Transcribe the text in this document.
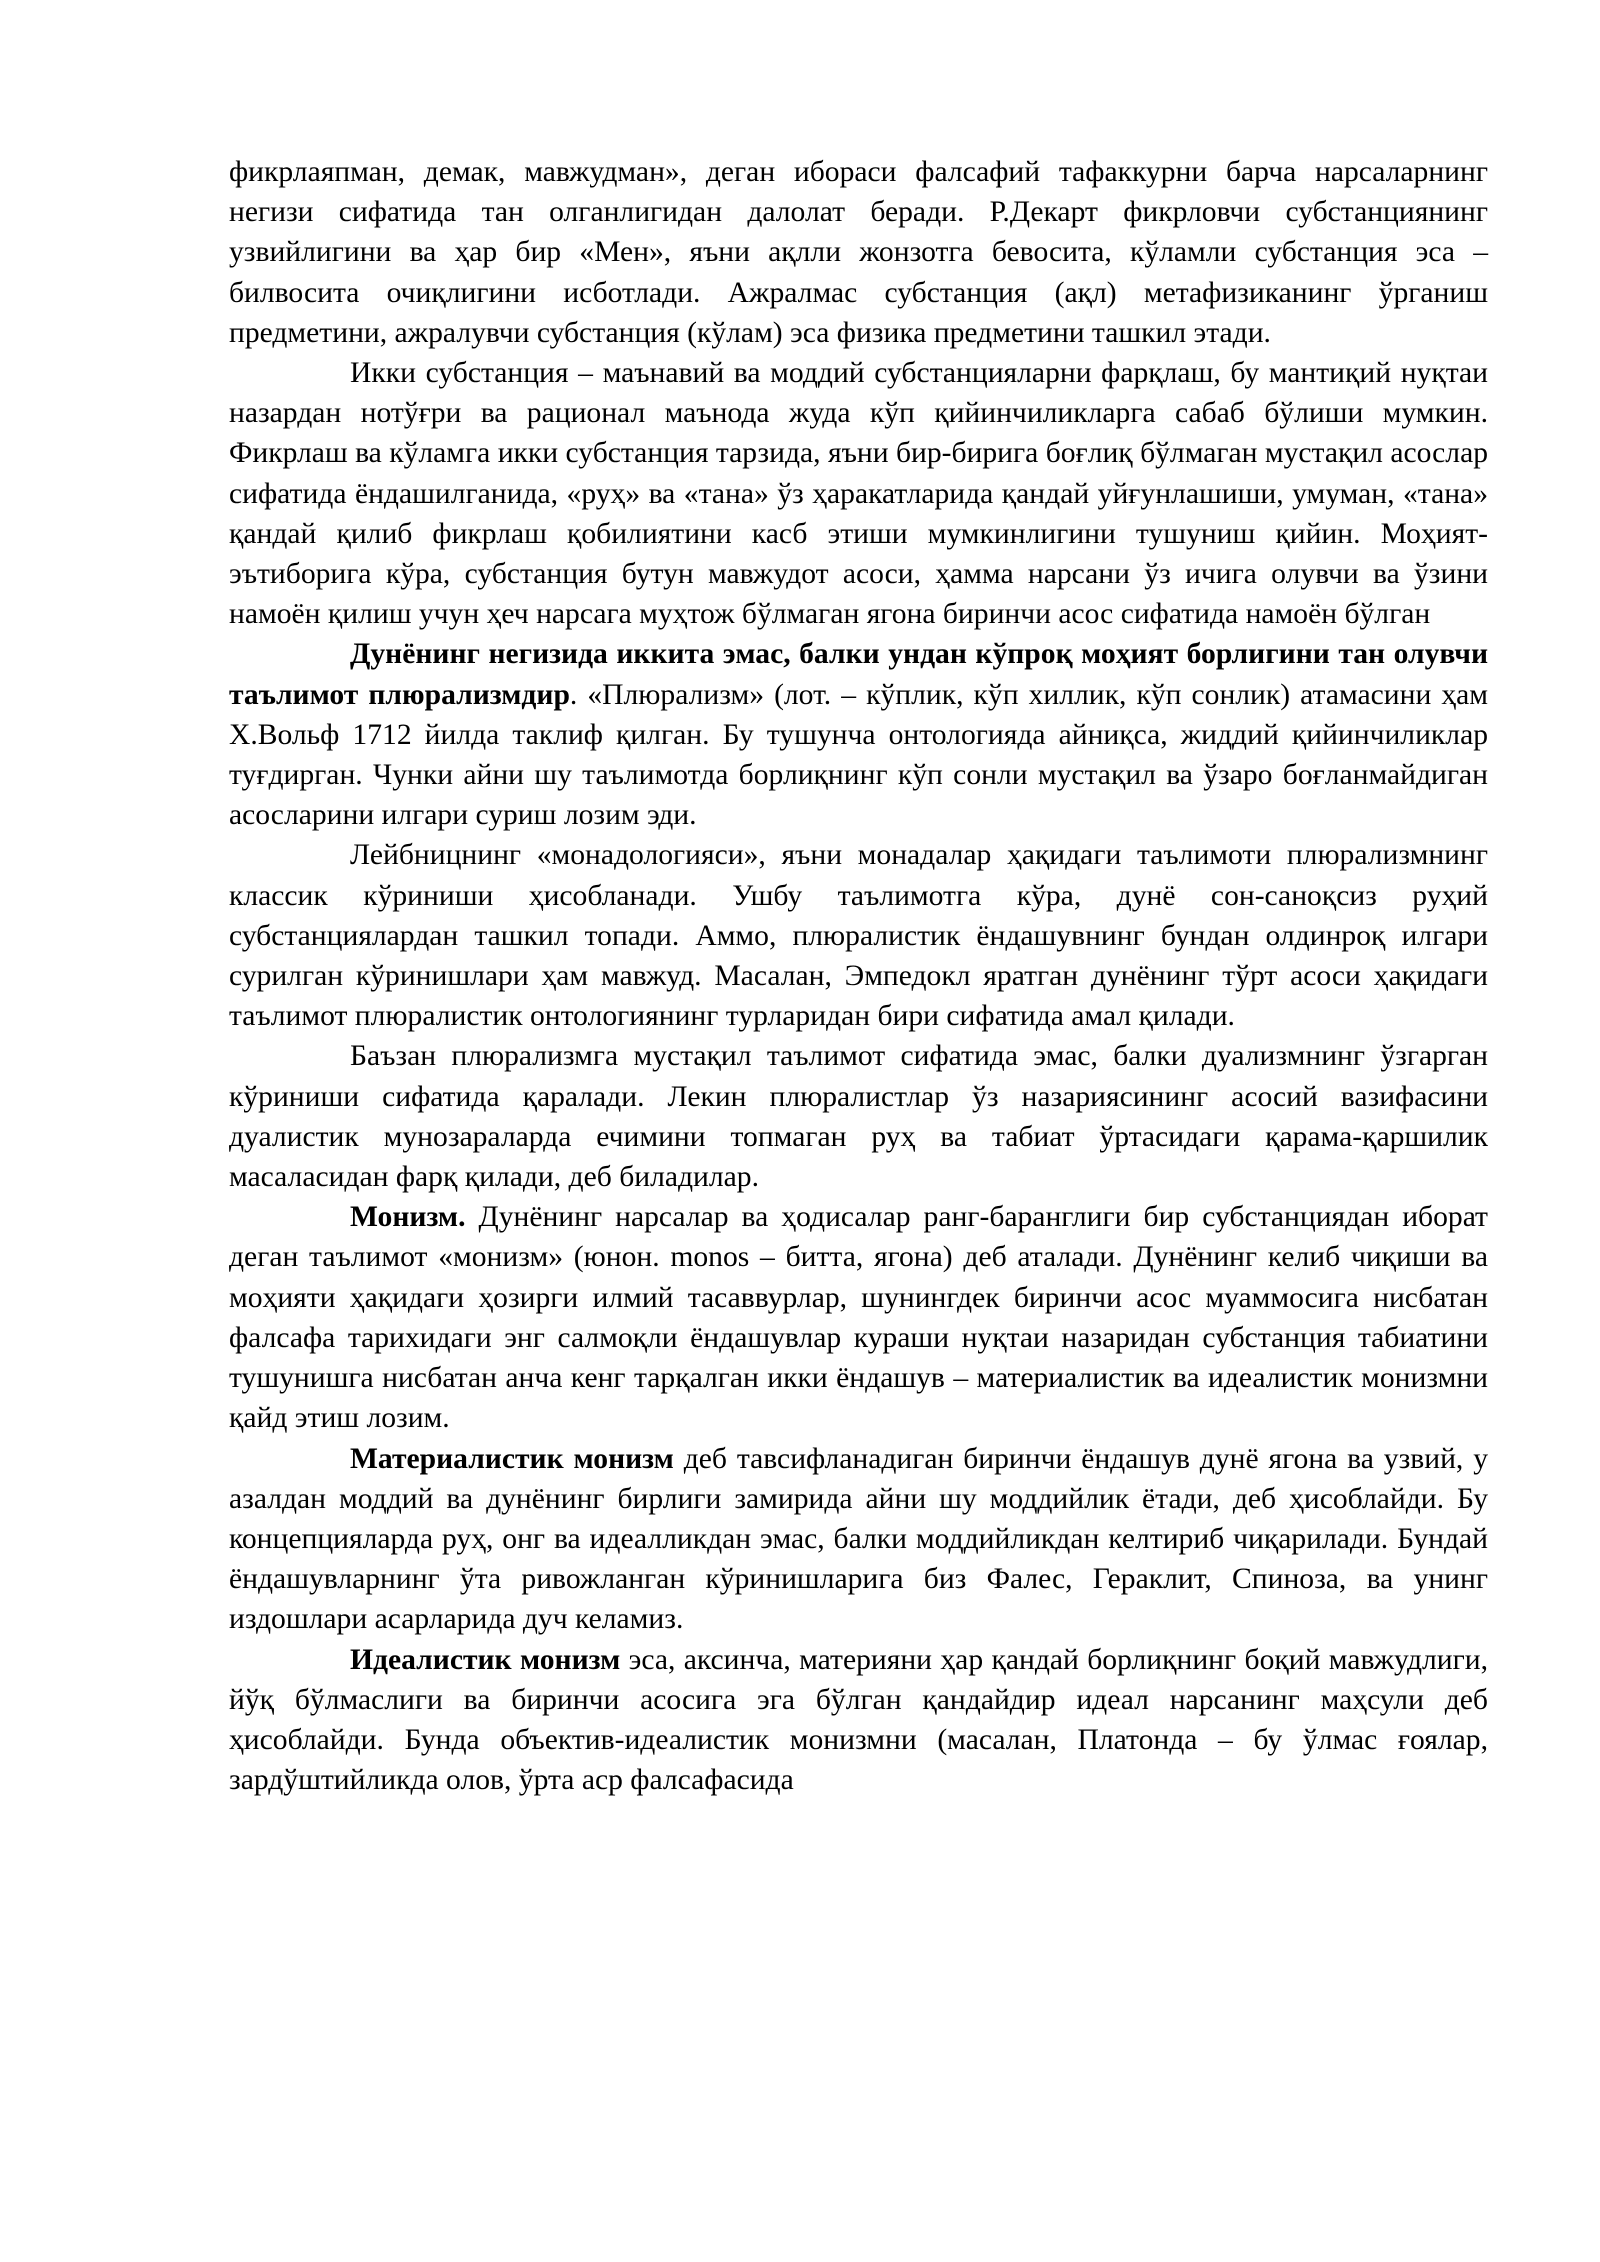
фикрлаяпман, демак, мавжудман», деган ибораси фалсафий тафаккурни барча нарсаларнинг негизи сифатида тан олганлигидан далолат беради. Р.Декарт фикрловчи субстанциянинг узвийлигини ва ҳар бир «Мен», яъни ақлли жонзотга бевосита, кўламли субстанция эса – билвосита очиқлигини исботлади. Ажралмас субстанция (ақл) метафизиканинг ўрганиш предметини, ажралувчи субстанция (кўлам) эса физика предметини ташкил этади.

Икки субстанция – маънавий ва моддий субстанцияларни фарқлаш, бу мантиқий нуқтаи назардан нотўғри ва рационал маънода жуда кўп қийинчиликларга сабаб бўлиши мумкин. Фикрлаш ва кўламга икки субстанция тарзида, яъни бир-бирига боғлиқ бўлмаган мустақил асослар сифатида ёндашилганида, «руҳ» ва «тана» ўз ҳаракатларида қандай уйғунлашиши, умуман, «тана» қандай қилиб фикрлаш қобилиятини касб этиши мумкинлигини тушуниш қийин. Моҳият-эътиборига кўра, субстанция бутун мавжудот асоси, ҳамма нарсани ўз ичига олувчи ва ўзини намоён қилиш учун ҳеч нарсага муҳтож бўлмаган ягона биринчи асос сифатида намоён бўлган

Дунёнинг негизида иккита эмас, балки ундан кўпроқ моҳият борлигини тан олувчи таълимот плюрализмдир. «Плюрализм» (лот. – кўплик, кўп хиллик, кўп сонлик) атамасини ҳам Х.Вольф 1712 йилда таклиф қилган. Бу тушунча онтологияда айниқса, жиддий қийинчиликлар туғдирган. Чунки айни шу таълимотда борлиқнинг кўп сонли мустақил ва ўзаро боғланмайдиган асосларини илгари суриш лозим эди.

Лейбницнинг «монадологияси», яъни монадалар ҳақидаги таълимоти плюрализмнинг классик кўриниши ҳисобланади. Ушбу таълимотга кўра, дунё сон-саноқсиз руҳий субстанциялардан ташкил топади. Аммо, плюралистик ёндашувнинг бундан олдинроқ илгари сурилган кўринишлари ҳам мавжуд. Масалан, Эмпедокл яратган дунёнинг тўрт асоси ҳақидаги таълимот плюралистик онтологиянинг турларидан бири сифатида амал қилади.

Баъзан плюрализмга мустақил таълимот сифатида эмас, балки дуализмнинг ўзгарган кўриниши сифатида қаралади. Лекин плюралистлар ўз назариясининг асосий вазифасини дуалистик мунозараларда ечимини топмаган руҳ ва табиат ўртасидаги қарама-қаршилик масаласидан фарқ қилади, деб биладилар.

Монизм. Дунёнинг нарсалар ва ҳодисалар ранг-баранглиги бир субстанциядан иборат деган таълимот «монизм» (юнон. monos – битта, ягона) деб аталади. Дунёнинг келиб чиқиши ва моҳияти ҳақидаги ҳозирги илмий тасаввурлар, шунингдек биринчи асос муаммосига нисбатан фалсафа тарихидаги энг салмоқли ёндашувлар кураши нуқтаи назаридан субстанция табиатини тушунишга нисбатан анча кенг тарқалган икки ёндашув – материалистик ва идеалистик монизмни қайд этиш лозим.

Материалистик монизм деб тавсифланадиган биринчи ёндашув дунё ягона ва узвий, у азалдан моддий ва дунёнинг бирлиги замирида айни шу моддийлик ётади, деб ҳисоблайди. Бу концепцияларда руҳ, онг ва идеалликдан эмас, балки моддийликдан келтириб чиқарилади. Бундай ёндашувларнинг ўта ривожланган кўринишларига биз Фалес, Гераклит, Спиноза, ва унинг издошлари асарларида дуч келамиз.

Идеалистик монизм эса, аксинча, материяни ҳар қандай борлиқнинг боқий мавжудлиги, йўқ бўлмаслиги ва биринчи асосига эга бўлган қандайдир идеал нарсанинг маҳсули деб ҳисоблайди. Бунда объектив-идеалистик монизмни (масалан, Платонда – бу ўлмас ғоялар, зардўштийликда олов, ўрта аср фалсафасида
